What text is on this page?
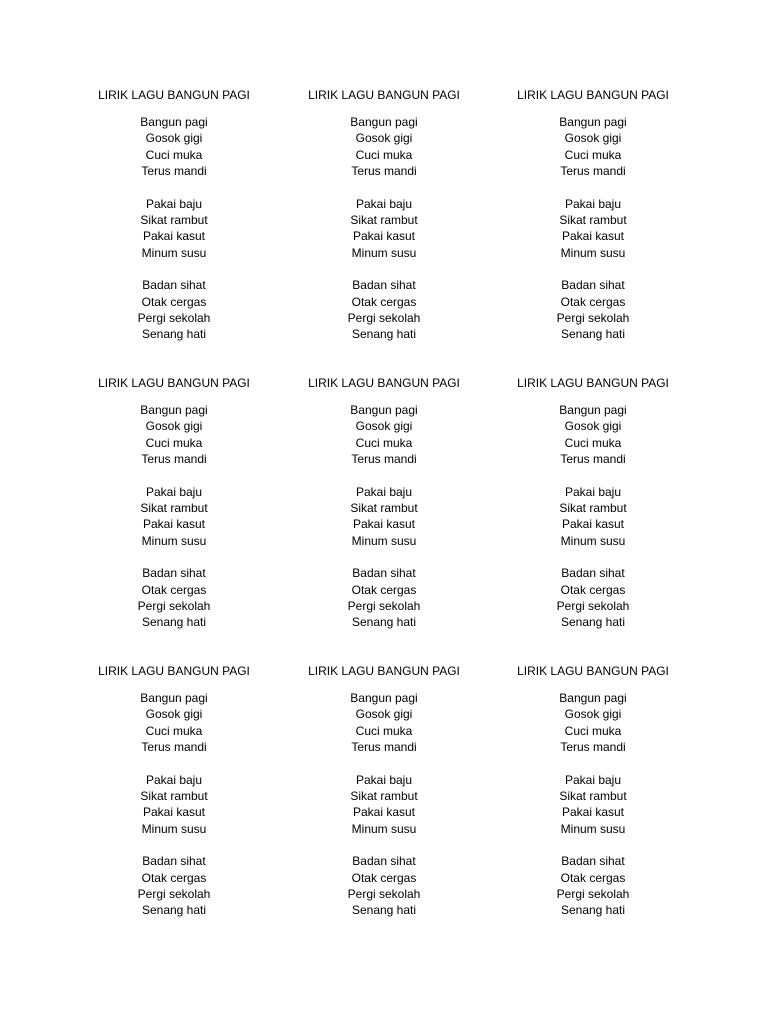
LIRIK LAGU BANGUN PAGI
Bangun pagi
Gosok gigi
Cuci muka
Terus mandi
Pakai baju
Sikat rambut
Pakai kasut
Minum susu
Badan sihat
Otak cergas
Pergi sekolah
Senang hati
LIRIK LAGU BANGUN PAGI
Bangun pagi
Gosok gigi
Cuci muka
Terus mandi
Pakai baju
Sikat rambut
Pakai kasut
Minum susu
Badan sihat
Otak cergas
Pergi sekolah
Senang hati
LIRIK LAGU BANGUN PAGI
Bangun pagi
Gosok gigi
Cuci muka
Terus mandi
Pakai baju
Sikat rambut
Pakai kasut
Minum susu
Badan sihat
Otak cergas
Pergi sekolah
Senang hati
LIRIK LAGU BANGUN PAGI
Bangun pagi
Gosok gigi
Cuci muka
Terus mandi
Pakai baju
Sikat rambut
Pakai kasut
Minum susu
Badan sihat
Otak cergas
Pergi sekolah
Senang hati
LIRIK LAGU BANGUN PAGI
Bangun pagi
Gosok gigi
Cuci muka
Terus mandi
Pakai baju
Sikat rambut
Pakai kasut
Minum susu
Badan sihat
Otak cergas
Pergi sekolah
Senang hati
LIRIK LAGU BANGUN PAGI
Bangun pagi
Gosok gigi
Cuci muka
Terus mandi
Pakai baju
Sikat rambut
Pakai kasut
Minum susu
Badan sihat
Otak cergas
Pergi sekolah
Senang hati
LIRIK LAGU BANGUN PAGI
Bangun pagi
Gosok gigi
Cuci muka
Terus mandi
Pakai baju
Sikat rambut
Pakai kasut
Minum susu
Badan sihat
Otak cergas
Pergi sekolah
Senang hati
LIRIK LAGU BANGUN PAGI
Bangun pagi
Gosok gigi
Cuci muka
Terus mandi
Pakai baju
Sikat rambut
Pakai kasut
Minum susu
Badan sihat
Otak cergas
Pergi sekolah
Senang hati
LIRIK LAGU BANGUN PAGI
Bangun pagi
Gosok gigi
Cuci muka
Terus mandi
Pakai baju
Sikat rambut
Pakai kasut
Minum susu
Badan sihat
Otak cergas
Pergi sekolah
Senang hati
